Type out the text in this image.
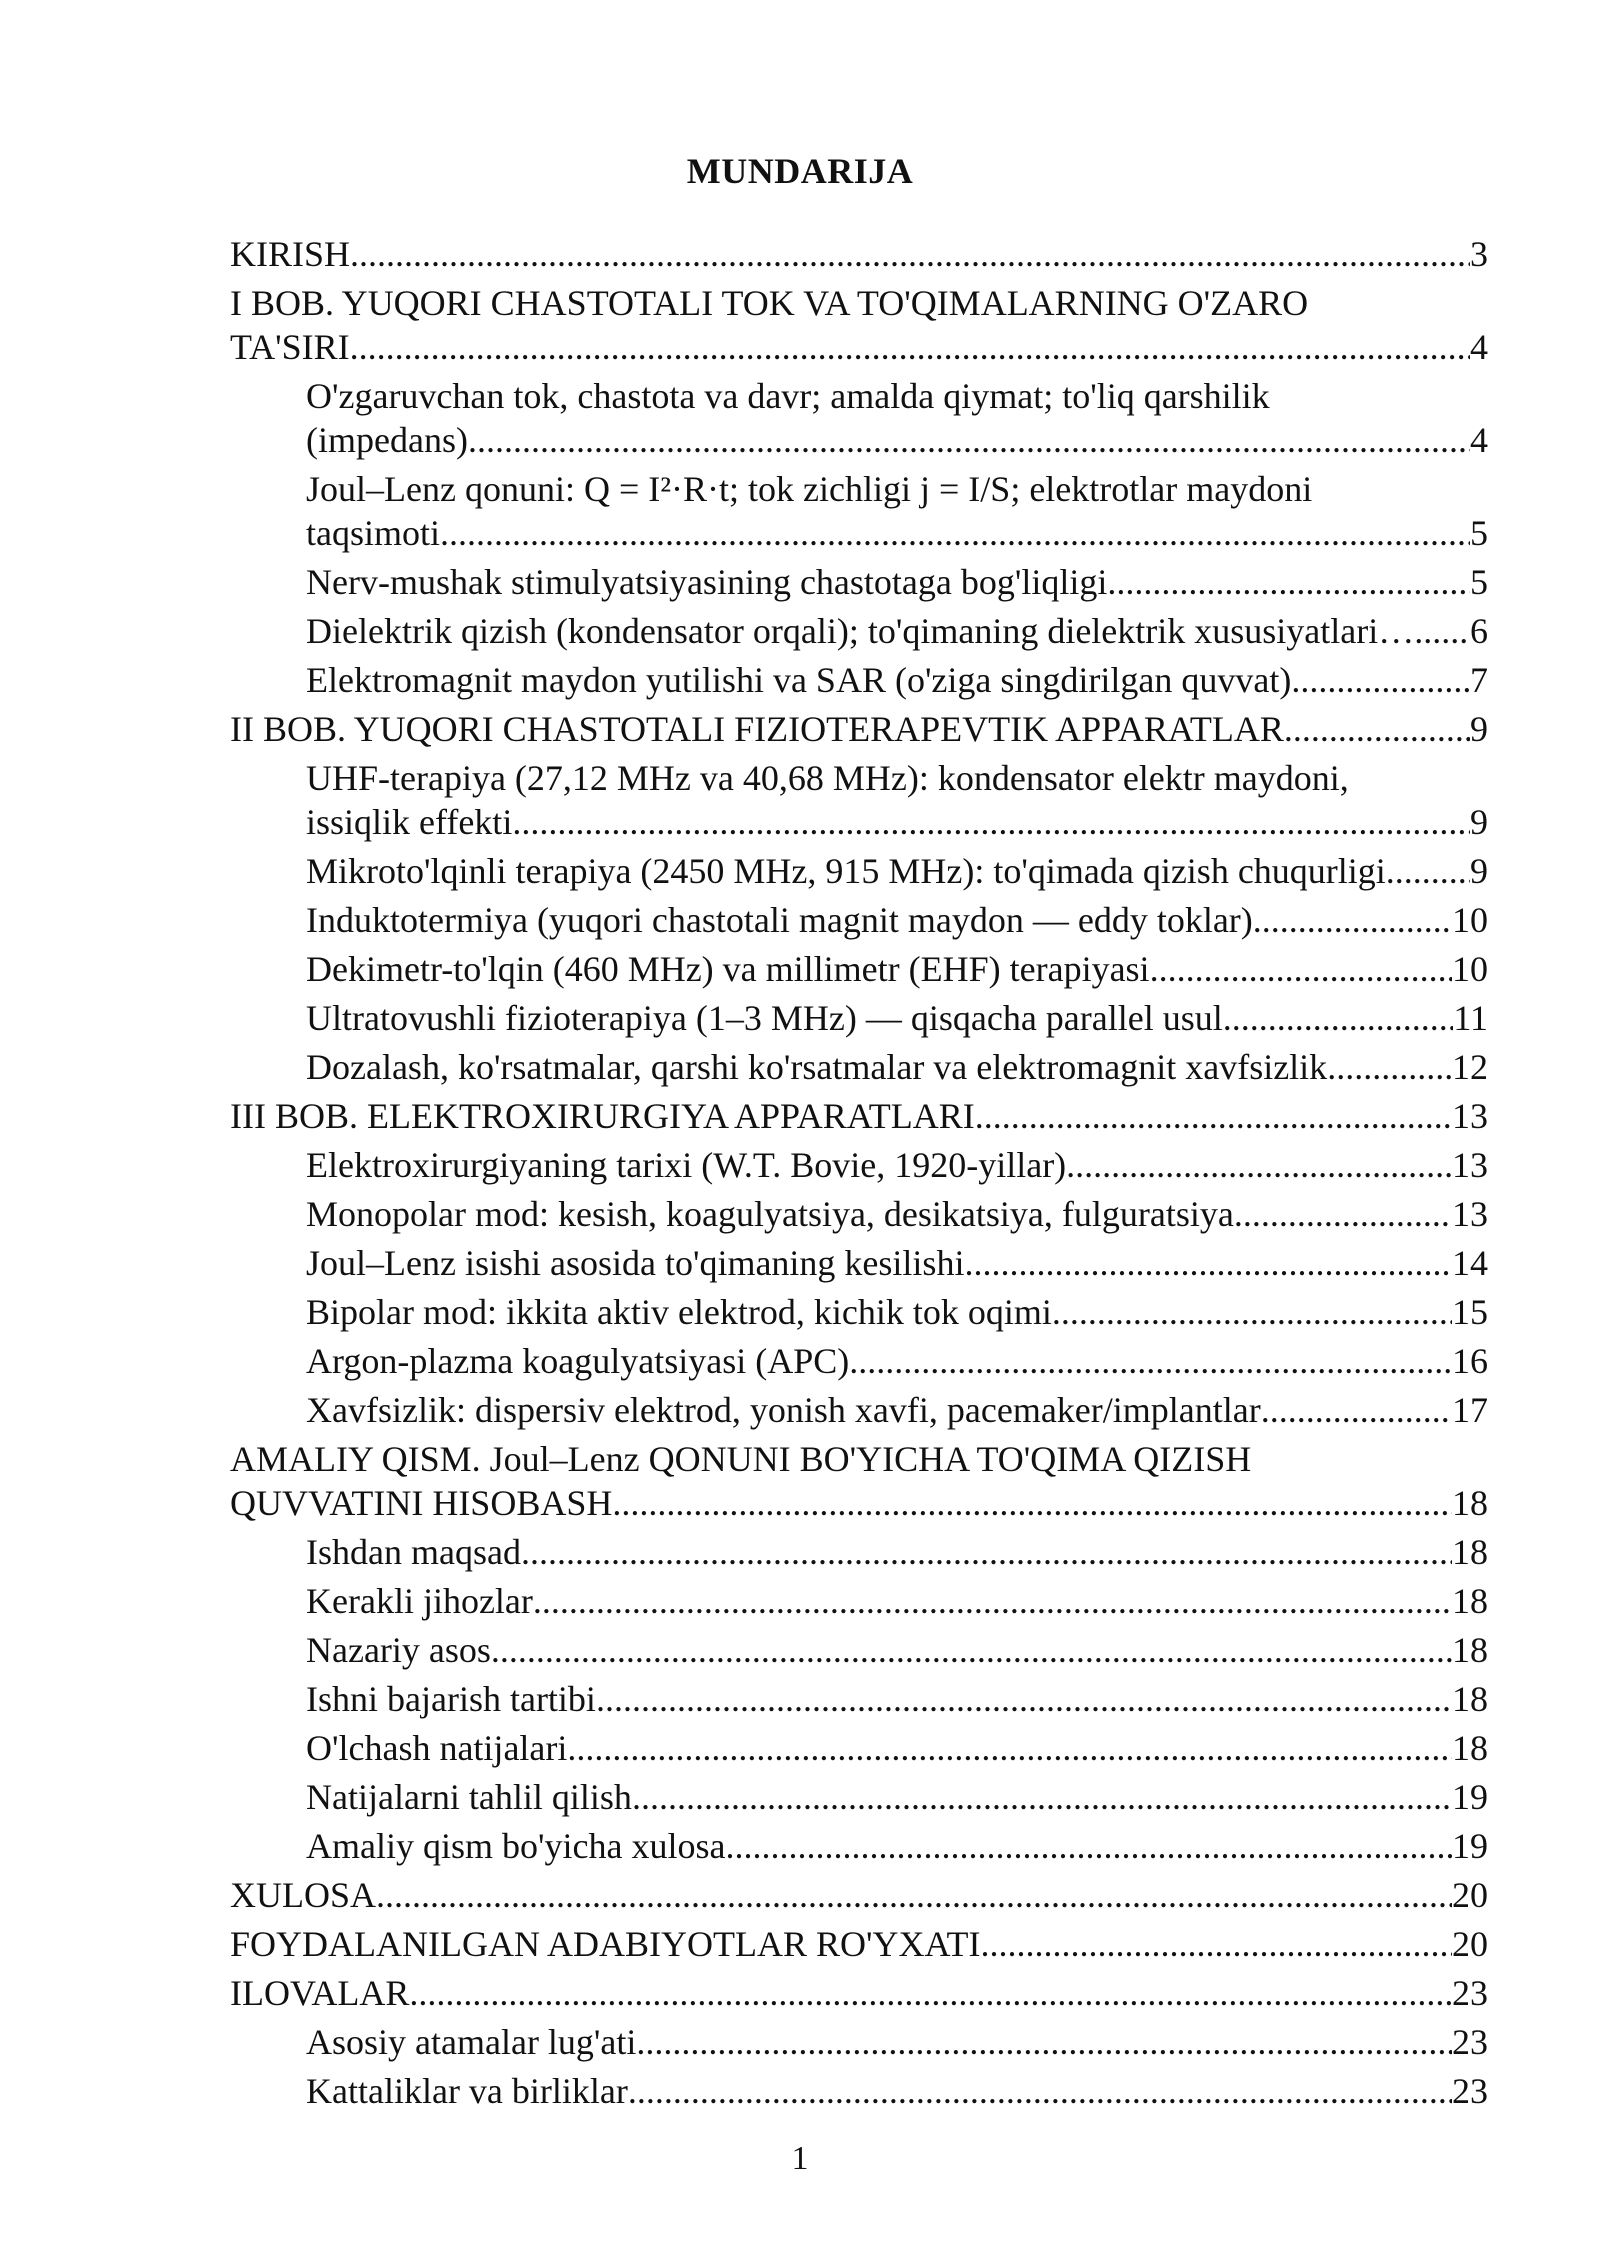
MUNDARIJA
KIRISH .....	3
I BOB. YUQORI CHASTOTALI TOK VA TO'QIMALARNING O'ZARO
TA'SIRI .....	4
O'zgaruvchan tok, chastota va davr; amalda qiymat; to'liq qarshilik
(impedans) .....	4
Joul–Lenz qonuni: Q = I²·R·t; tok zichligi j = I/S; elektrotlar maydoni
taqsimoti .....	5
Nerv-mushak stimulyatsiyasining chastotaga bog'liqligi .....	5
Dielektrik qizish (kondensator orqali); to'qimaning dielektrik xususiyatlari… ..... 6
Elektromagnit maydon yutilishi va SAR (o'ziga singdirilgan quvvat) .....	7
II BOB. YUQORI CHASTOTALI FIZIOTERAPEVTIK APPARATLAR .....	9
UHF-terapiya (27,12 MHz va 40,68 MHz): kondensator elektr maydoni,
issiqlik effekti .....	9
Mikroto'lqinli terapiya (2450 MHz, 915 MHz): to'qimada qizish chuqurligi. ..... 9
Induktotermiya (yuqori chastotali magnit maydon — eddy toklar) .....	10
Dekimetr-to'lqin (460 MHz) va millimetr (EHF) terapiyasi .....	10
Ultratovushli fizioterapiya (1–3 MHz) — qisqacha parallel usul .....	11
Dozalash, ko'rsatmalar, qarshi ko'rsatmalar va elektromagnit xavfsizlik .....	12
III BOB. ELEKTROXIRURGIYA APPARATLARI .....	13
Elektroxirurgiyaning tarixi (W.T. Bovie, 1920-yillar) .....	13
Monopolar mod: kesish, koagulyatsiya, desikatsiya, fulguratsiya .....	13
Joul–Lenz isishi asosida to'qimaning kesilishi .....	14
Bipolar mod: ikkita aktiv elektrod, kichik tok oqimi .....	15
Argon-plazma koagulyatsiyasi (APC) .....	16
Xavfsizlik: dispersiv elektrod, yonish xavfi, pacemaker/implantlar .....	17
AMALIY QISM. Joul–Lenz QONUNI BO'YICHA TO'QIMA QIZISH
QUVVATINI HISOBASH .....	18
Ishdan maqsad .....	18
Kerakli jihozlar .....	18
Nazariy asos .....	18
Ishni bajarish tartibi .....	18
O'lchash natijalari .....	18
Natijalarni tahlil qilish .....	19
Amaliy qism bo'yicha xulosa .....	19
XULOSA .....	20
FOYDALANILGAN ADABIYOTLAR RO'YXATI .....	20
ILOVALAR .....	23
Asosiy atamalar lug'ati .....	23
Kattaliklar va birliklar .....	23
1
